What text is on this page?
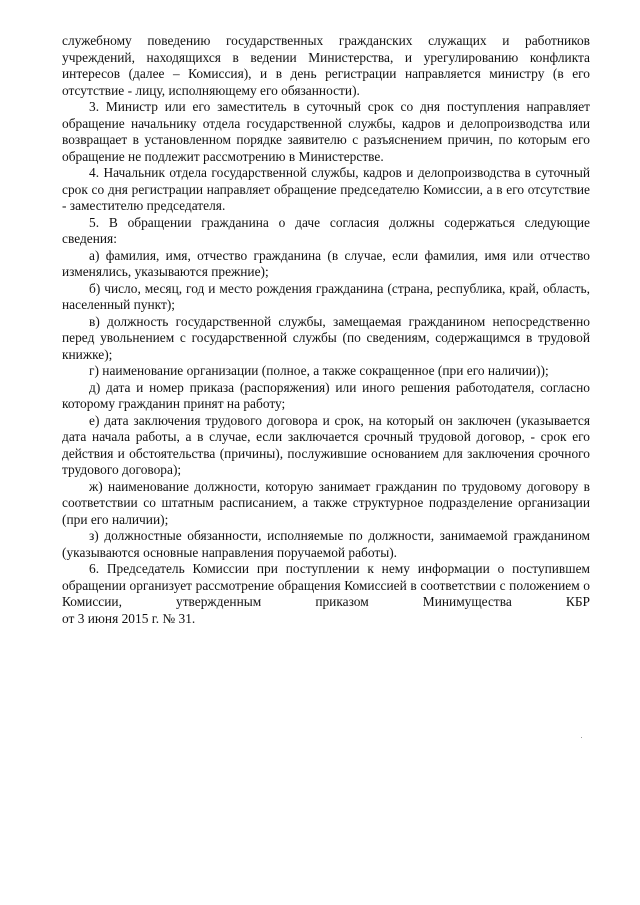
служебному поведению государственных гражданских служащих и работников учреждений, находящихся в ведении Министерства, и урегулированию конфликта интересов (далее – Комиссия), и в день регистрации направляется министру (в его отсутствие - лицу, исполняющему его обязанности).

3. Министр или его заместитель в суточный срок со дня поступления направляет обращение начальнику отдела государственной службы, кадров и делопроизводства или возвращает в установленном порядке заявителю с разъяснением причин, по которым его обращение не подлежит рассмотрению в Министерстве.

4. Начальник отдела государственной службы, кадров и делопроизводства в суточный срок со дня регистрации направляет обращение председателю Комиссии, а в его отсутствие - заместителю председателя.

5. В обращении гражданина о даче согласия должны содержаться следующие сведения:

а) фамилия, имя, отчество гражданина (в случае, если фамилия, имя или отчество изменялись, указываются прежние);

б) число, месяц, год и место рождения гражданина (страна, республика, край, область, населенный пункт);

в) должность государственной службы, замещаемая гражданином непосредственно перед увольнением с государственной службы (по сведениям, содержащимся в трудовой книжке);

г) наименование организации (полное, а также сокращенное (при его наличии));

д) дата и номер приказа (распоряжения) или иного решения работодателя, согласно которому гражданин принят на работу;

е) дата заключения трудового договора и срок, на который он заключен (указывается дата начала работы, а в случае, если заключается срочный трудовой договор, - срок его действия и обстоятельства (причины), послужившие основанием для заключения срочного трудового договора);

ж) наименование должности, которую занимает гражданин по трудовому договору в соответствии со штатным расписанием, а также структурное подразделение организации (при его наличии);

з) должностные обязанности, исполняемые по должности, занимаемой гражданином (указываются основные направления поручаемой работы).

6. Председатель Комиссии при поступлении к нему информации о поступившем обращении организует рассмотрение обращения Комиссией в соответствии с положением о Комиссии, утвержденным приказом Минимущества КБР

от 3 июня 2015 г. № 31.
